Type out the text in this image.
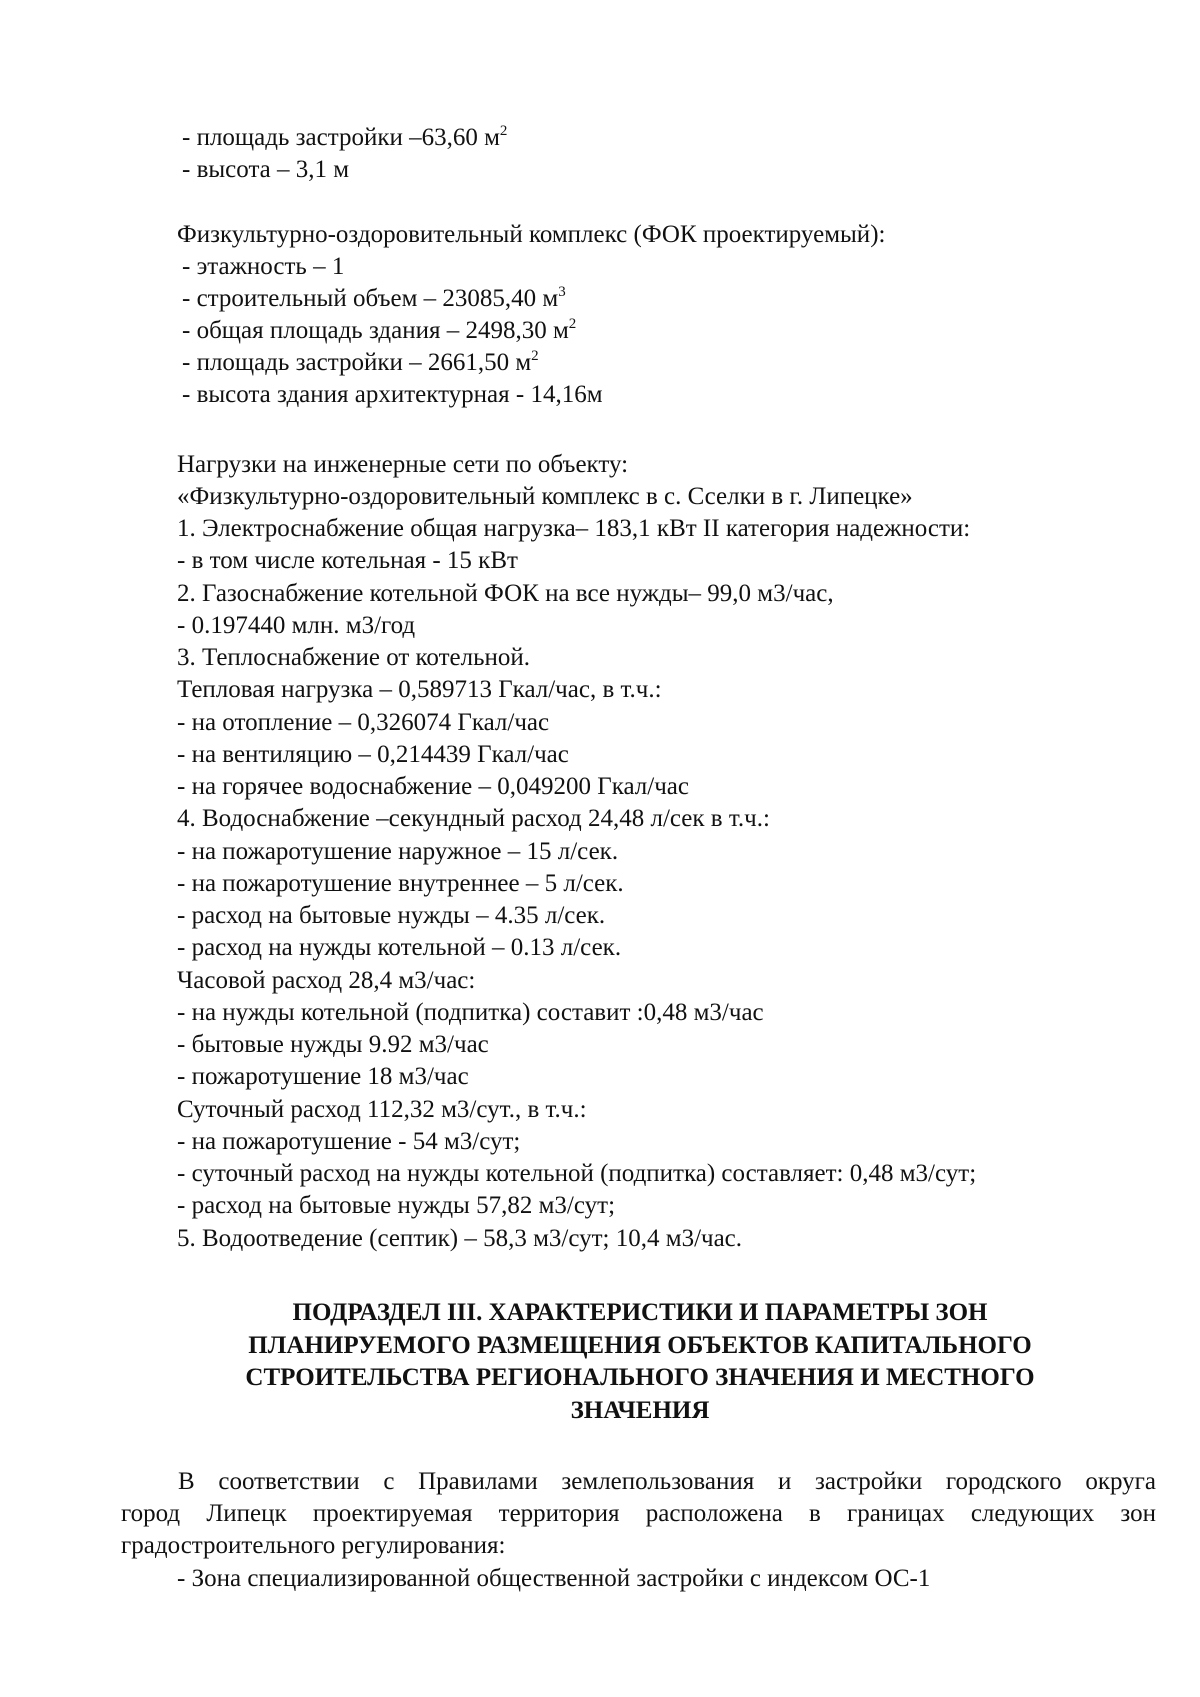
- площадь застройки –63,60 $м^2$
- высота – 3,1 м
Физкультурно-оздоровительный комплекс (ФОК проектируемый):
- этажность – 1
- строительный объем – 23085,40 $м^3$
- общая площадь здания – 2498,30 $м^2$
- площадь застройки – 2661,50 $м^2$
- высота здания архитектурная - 14,16м
Нагрузки на инженерные сети по объекту:
«Физкультурно-оздоровительный комплекс в с. Сселки в г. Липецке»
1. Электроснабжение общая нагрузка– 183,1 кВт II категория надежности:
- в том числе котельная - 15 кВт
2. Газоснабжение котельной ФОК на все нужды– 99,0 м3/час,
- 0.197440 млн. м3/год
3. Теплоснабжение от котельной.
Тепловая нагрузка – 0,589713 Гкал/час, в т.ч.:
- на отопление – 0,326074 Гкал/час
- на вентиляцию – 0,214439 Гкал/час
- на горячее водоснабжение – 0,049200 Гкал/час
4. Водоснабжение –секундный расход 24,48 л/сек в т.ч.:
- на пожаротушение наружное – 15 л/сек.
- на пожаротушение внутреннее – 5 л/сек.
- расход на бытовые нужды – 4.35 л/сек.
- расход на нужды котельной – 0.13 л/сек.
Часовой расход 28,4 м3/час:
- на нужды котельной (подпитка) составит :0,48 м3/час
- бытовые нужды 9.92 м3/час
- пожаротушение 18 м3/час
Суточный расход 112,32 м3/сут., в т.ч.:
- на пожаротушение - 54 м3/сут;
- суточный расход на нужды котельной (подпитка) составляет: 0,48 м3/сут;
- расход на бытовые нужды 57,82 м3/сут;
5. Водоотведение (септик) – 58,3 м3/сут; 10,4 м3/час.
ПОДРАЗДЕЛ III. ХАРАКТЕРИСТИКИ И ПАРАМЕТРЫ ЗОН
ПЛАНИРУЕМОГО РАЗМЕЩЕНИЯ ОБЪЕКТОВ КАПИТАЛЬНОГО
СТРОИТЕЛЬСТВА РЕГИОНАЛЬНОГО ЗНАЧЕНИЯ И МЕСТНОГО
ЗНАЧЕНИЯ
В соответствии с Правилами землепользования и застройки городского округа
город Липецк проектируемая территория расположена в границах следующих зон
градостроительного регулирования:
- Зона специализированной общественной застройки с индексом ОС-1
